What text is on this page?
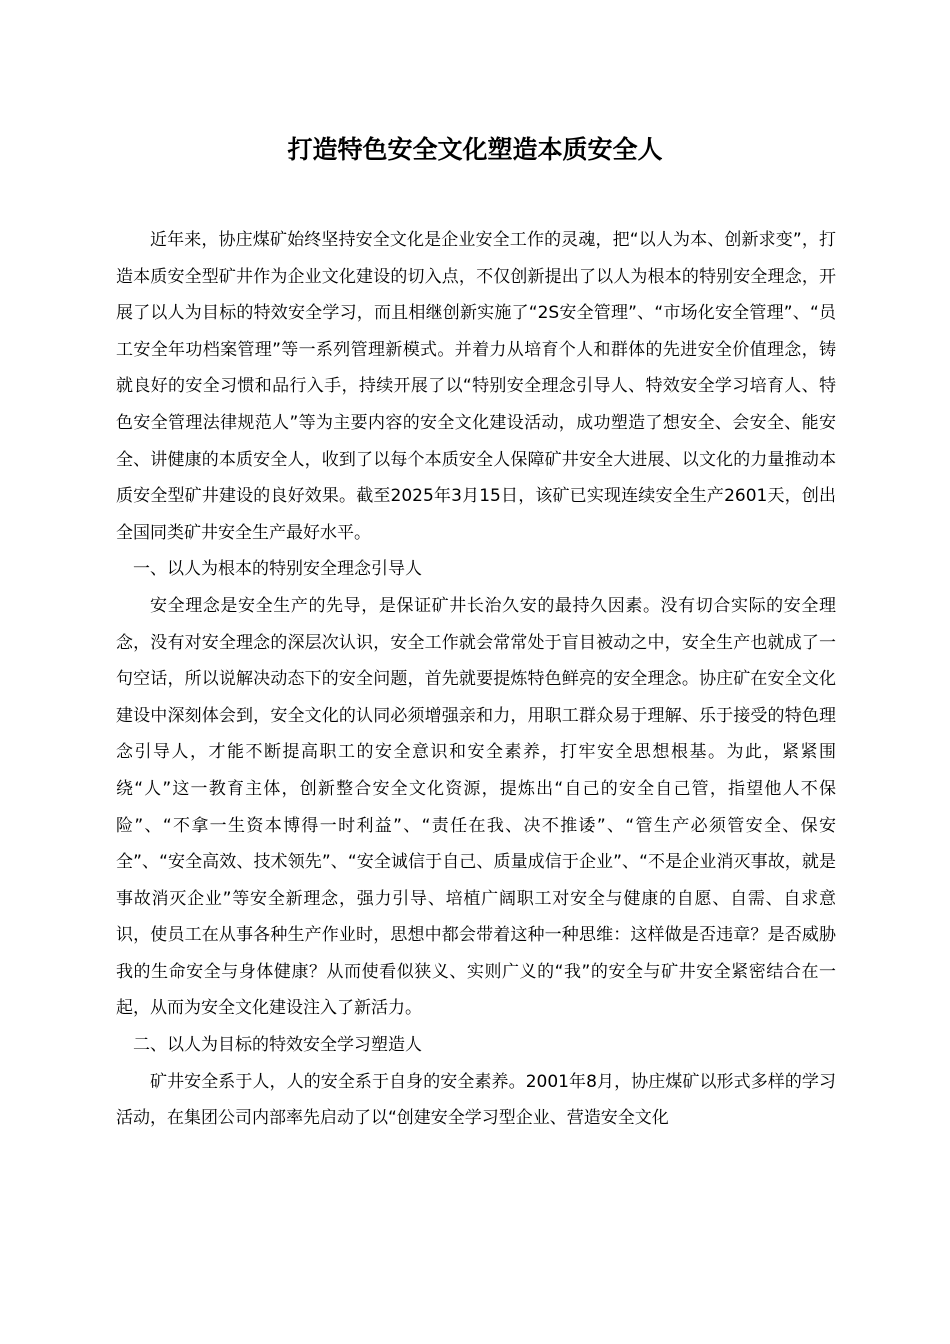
打造特色安全文化塑造本质安全人

近年来，协庄煤矿始终坚持安全文化是企业安全工作的灵魂，把“以人为本、创新求变”，打造本质安全型矿井作为企业文化建设的切入点，不仅创新提出了以人为根本的特别安全理念，开展了以人为目标的特效安全学习，而且相继创新实施了“2S安全管理”、“市场化安全管理”、“员工安全年功档案管理”等一系列管理新模式。并着力从培育个人和群体的先进安全价值理念，铸就良好的安全习惯和品行入手，持续开展了以“特别安全理念引导人、特效安全学习培育人、特色安全管理法律规范人”等为主要内容的安全文化建设活动，成功塑造了想安全、会安全、能安全、讲健康的本质安全人，收到了以每个本质安全人保障矿井安全大进展、以文化的力量推动本质安全型矿井建设的良好效果。截至2025年3月15日，该矿已实现连续安全生产2601天，创出全国同类矿井安全生产最好水平。

一、以人为根本的特别安全理念引导人

安全理念是安全生产的先导，是保证矿井长治久安的最持久因素。没有切合实际的安全理念，没有对安全理念的深层次认识，安全工作就会常常处于盲目被动之中，安全生产也就成了一句空话，所以说解决动态下的安全问题，首先就要提炼特色鲜亮的安全理念。协庄矿在安全文化建设中深刻体会到，安全文化的认同必须增强亲和力，用职工群众易于理解、乐于接受的特色理念引导人，才能不断提高职工的安全意识和安全素养，打牢安全思想根基。为此，紧紧围绕“人”这一教育主体，创新整合安全文化资源，提炼出“自己的安全自己管，指望他人不保险”、“不拿一生资本博得一时利益”、“责任在我、决不推诿”、“管生产必须管安全、保安全”、“安全高效、技术领先”、“安全诚信于自己、质量成信于企业”、“不是企业消灭事故，就是事故消灭企业”等安全新理念，强力引导、培植广阔职工对安全与健康的自愿、自需、自求意识，使员工在从事各种生产作业时，思想中都会带着这种一种思维：这样做是否违章？是否威胁我的生命安全与身体健康？从而使看似狭义、实则广义的“我”的安全与矿井安全紧密结合在一起，从而为安全文化建设注入了新活力。

二、以人为目标的特效安全学习塑造人

矿井安全系于人，人的安全系于自身的安全素养。2001年8月，协庄煤矿以形式多样的学习活动，在集团公司内部率先启动了以“创建安全学习型企业、营造安全文化
